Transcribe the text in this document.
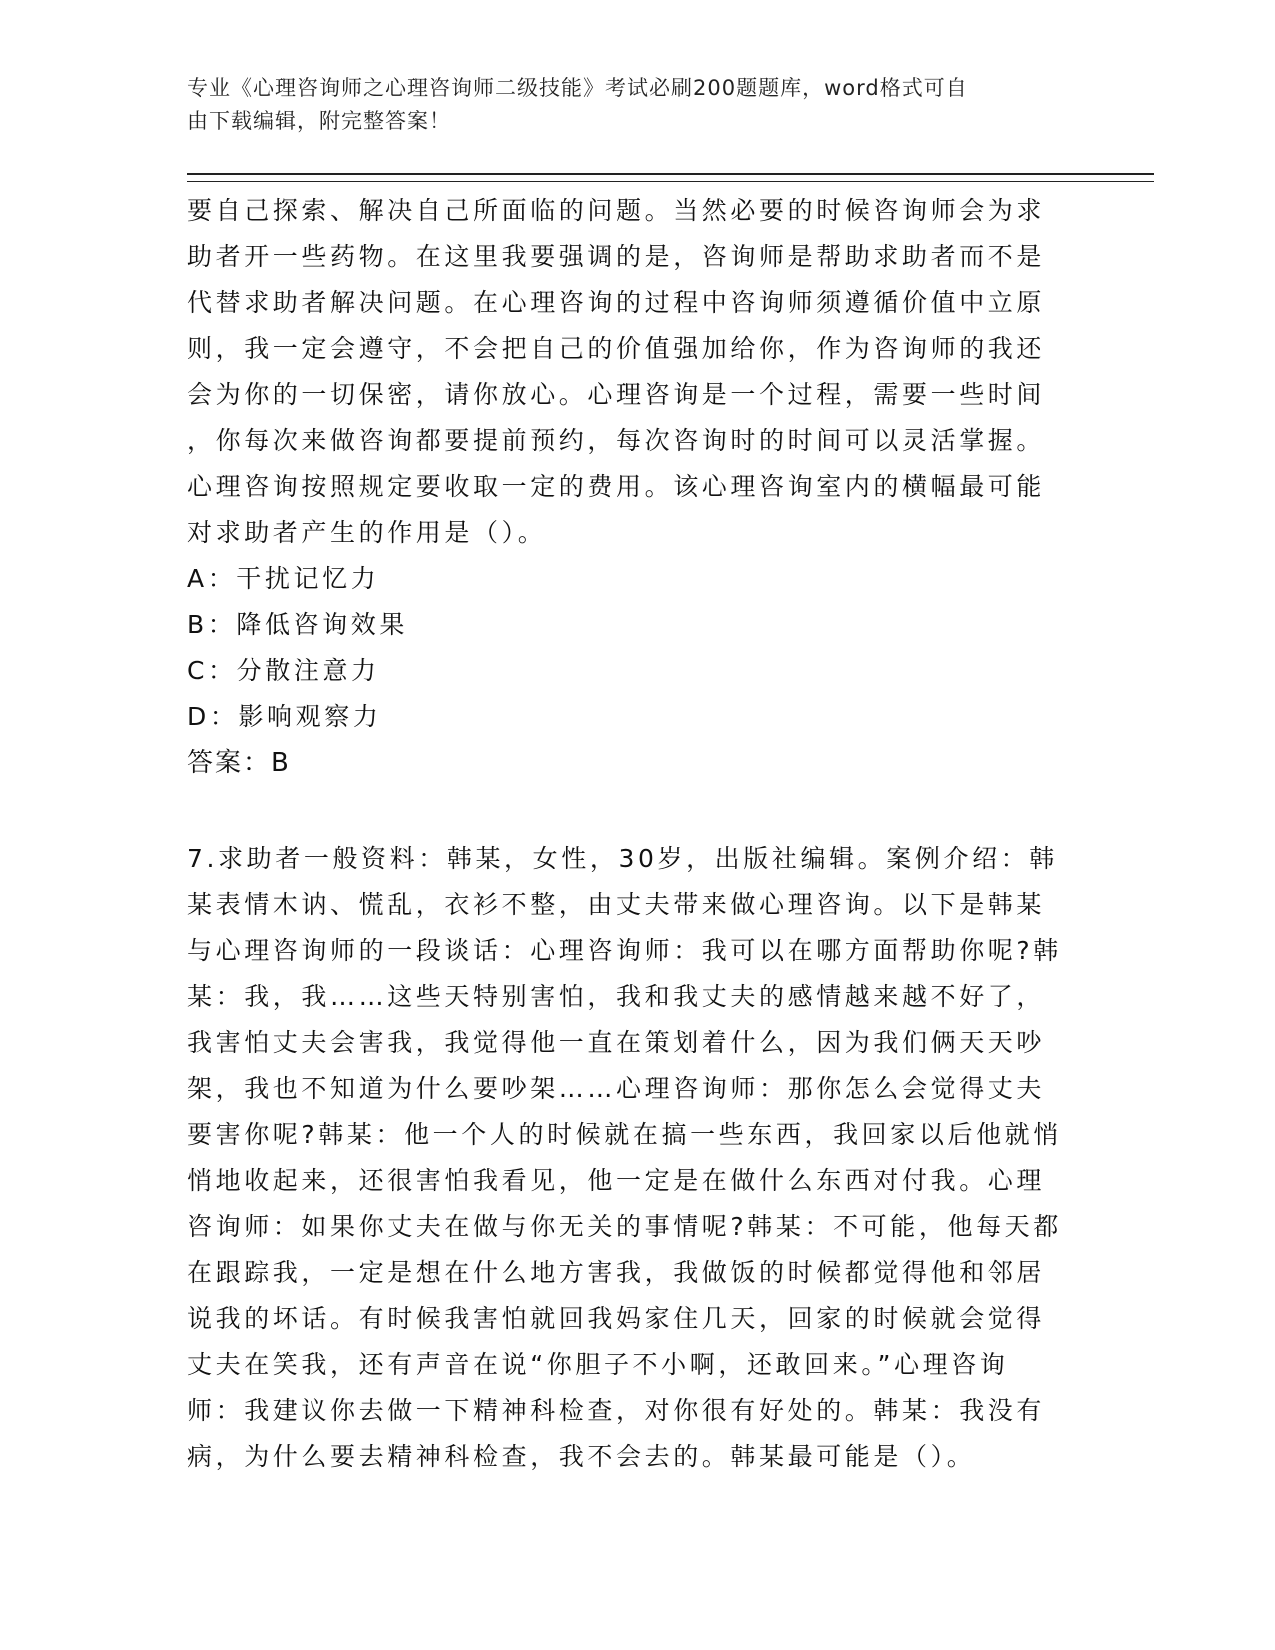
专业《心理咨询师之心理咨询师二级技能》考试必刷200题题库，word格式可自
由下载编辑，附完整答案！
要自己探索、解决自己所面临的问题。当然必要的时候咨询师会为求
助者开一些药物。在这里我要强调的是，咨询师是帮助求助者而不是
代替求助者解决问题。在心理咨询的过程中咨询师须遵循价值中立原
则，我一定会遵守，不会把自己的价值强加给你，作为咨询师的我还
会为你的一切保密，请你放心。心理咨询是一个过程，需要一些时间
，你每次来做咨询都要提前预约，每次咨询时的时间可以灵活掌握。
心理咨询按照规定要收取一定的费用。该心理咨询室内的横幅最可能
对求助者产生的作用是（）。
A：干扰记忆力
B：降低咨询效果
C：分散注意力
D：影响观察力
答案：B
7.求助者一般资料：韩某，女性，30岁，出版社编辑。案例介绍：韩
某表情木讷、慌乱，衣衫不整，由丈夫带来做心理咨询。以下是韩某
与心理咨询师的一段谈话：心理咨询师：我可以在哪方面帮助你呢?韩
某：我，我……这些天特别害怕，我和我丈夫的感情越来越不好了，
我害怕丈夫会害我，我觉得他一直在策划着什么，因为我们俩天天吵
架，我也不知道为什么要吵架……心理咨询师：那你怎么会觉得丈夫
要害你呢?韩某：他一个人的时候就在搞一些东西，我回家以后他就悄
悄地收起来，还很害怕我看见，他一定是在做什么东西对付我。心理
咨询师：如果你丈夫在做与你无关的事情呢?韩某：不可能，他每天都
在跟踪我，一定是想在什么地方害我，我做饭的时候都觉得他和邻居
说我的坏话。有时候我害怕就回我妈家住几天，回家的时候就会觉得
丈夫在笑我，还有声音在说“你胆子不小啊，还敢回来。”心理咨询
师：我建议你去做一下精神科检查，对你很有好处的。韩某：我没有
病，为什么要去精神科检查，我不会去的。韩某最可能是（）。
